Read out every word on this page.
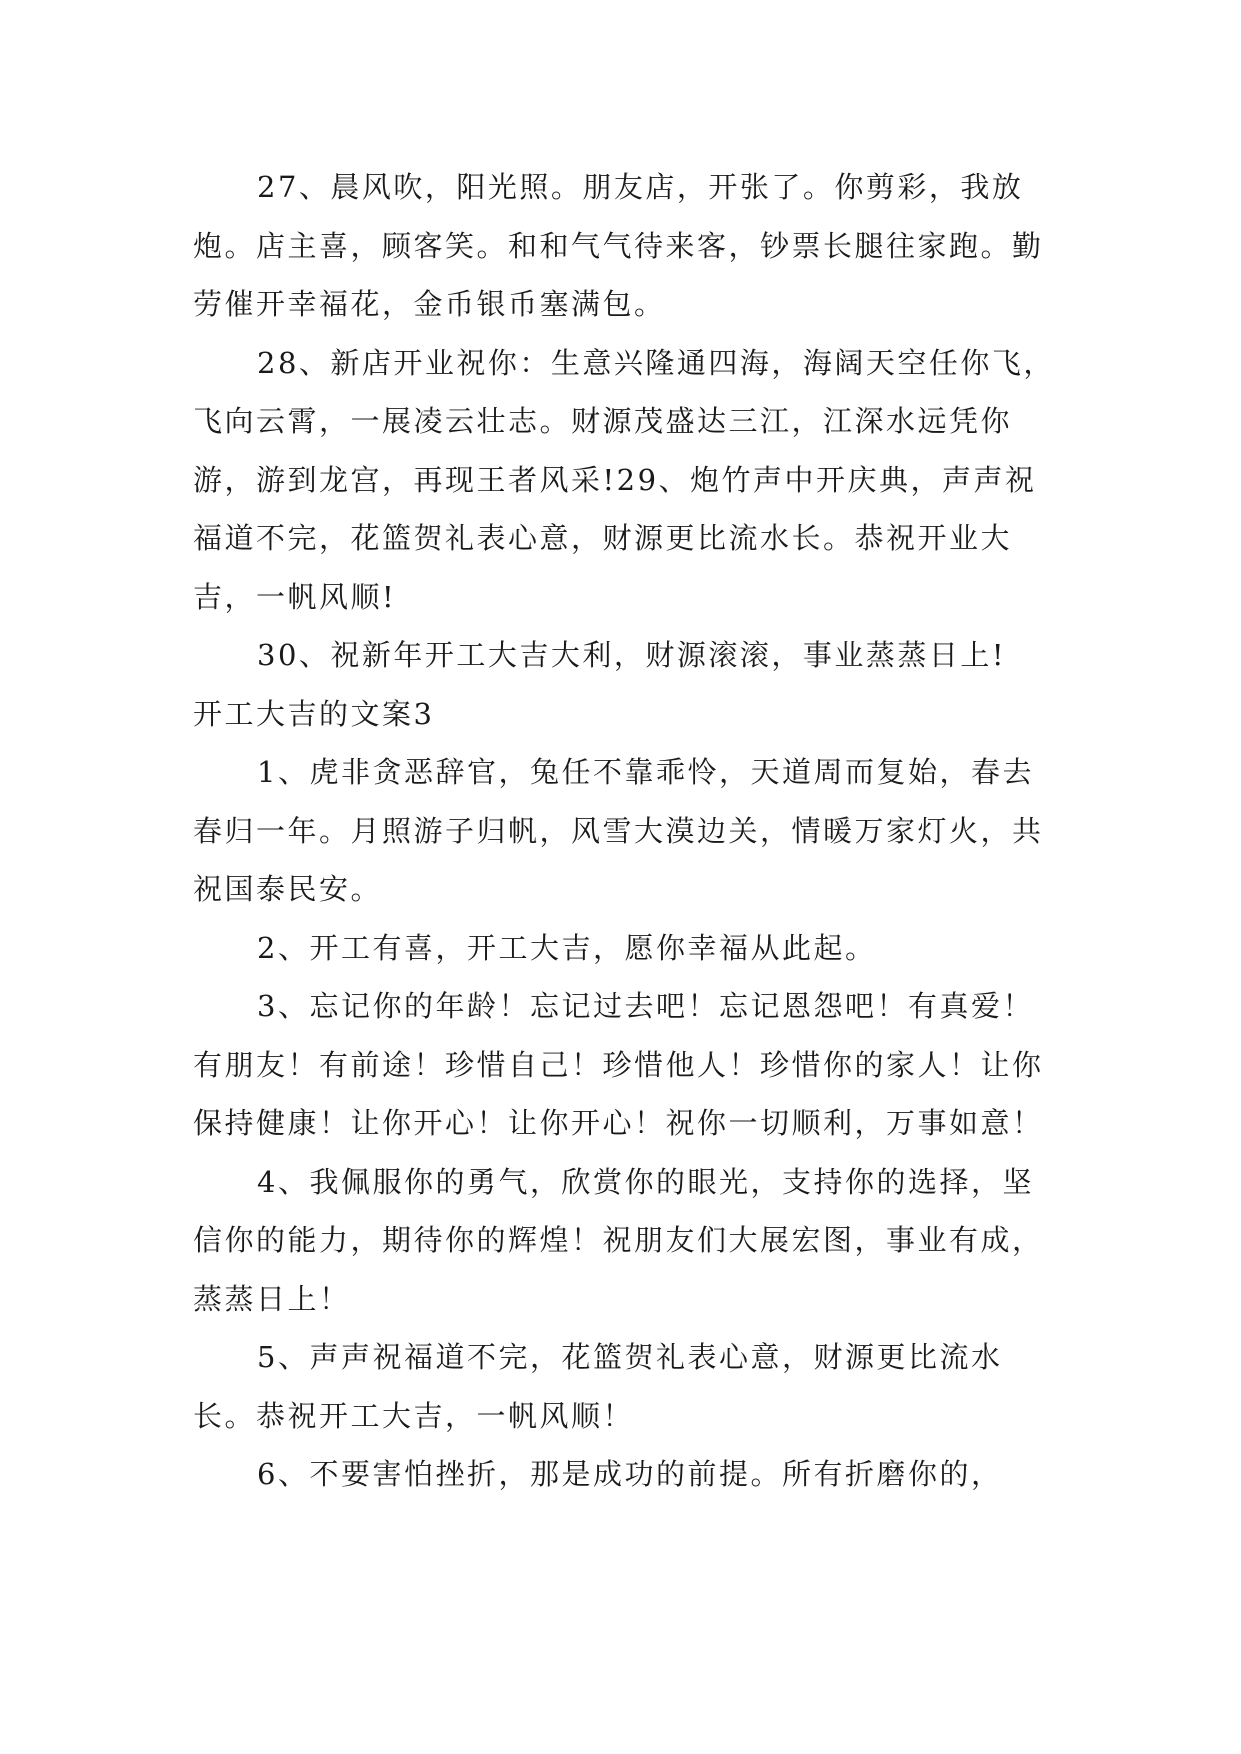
27、晨风吹，阳光照。朋友店，开张了。你剪彩，我放炮。店主喜，顾客笑。和和气气待来客，钞票长腿往家跑。勤劳催开幸福花，金币银币塞满包。

28、新店开业祝你：生意兴隆通四海，海阔天空任你飞，飞向云霄，一展凌云壮志。财源茂盛达三江，江深水远凭你游，游到龙宫，再现王者风采!29、炮竹声中开庆典，声声祝福道不完，花篮贺礼表心意，财源更比流水长。恭祝开业大吉，一帆风顺!

30、祝新年开工大吉大利，财源滚滚，事业蒸蒸日上!

开工大吉的文案3

1、虎非贪恶辞官，兔任不靠乖怜，天道周而复始，春去春归一年。月照游子归帆，风雪大漠边关，情暖万家灯火，共祝国泰民安。

2、开工有喜，开工大吉，愿你幸福从此起。

3、忘记你的年龄！忘记过去吧！忘记恩怨吧！有真爱！有朋友！有前途！珍惜自己！珍惜他人！珍惜你的家人！让你保持健康！让你开心！让你开心！祝你一切顺利，万事如意！

4、我佩服你的勇气，欣赏你的眼光，支持你的选择，坚信你的能力，期待你的辉煌！祝朋友们大展宏图，事业有成，蒸蒸日上！

5、声声祝福道不完，花篮贺礼表心意，财源更比流水长。恭祝开工大吉，一帆风顺！

6、不要害怕挫折，那是成功的前提。所有折磨你的，
